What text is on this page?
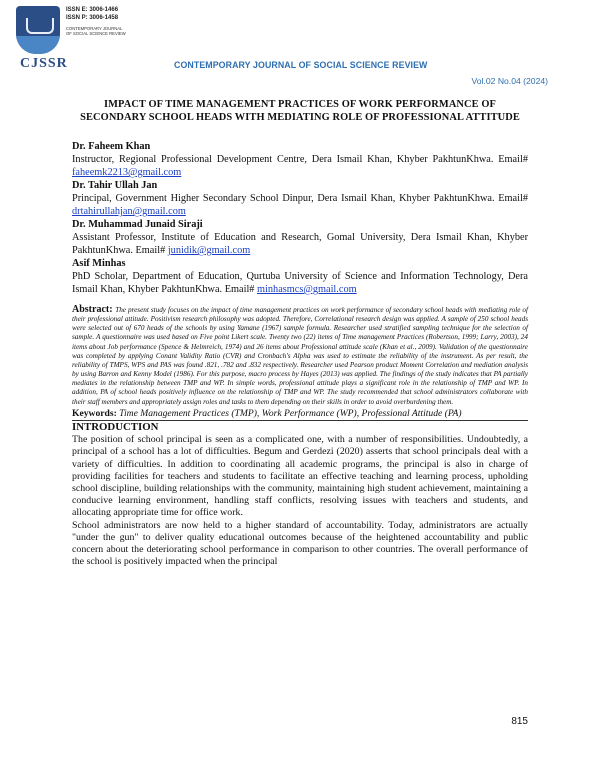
ISSN E: 3006-1466
ISSN P: 3006-1458
CONTEMPORARY JOURNAL OF SOCIAL SCIENCE REVIEW
CJSSR	CONTEMPORARY JOURNAL OF SOCIAL SCIENCE REVIEW
Vol.02 No.04 (2024)
IMPACT OF TIME MANAGEMENT PRACTICES OF WORK PERFORMANCE OF SECONDARY SCHOOL HEADS WITH MEDIATING ROLE OF PROFESSIONAL ATTITUDE
Dr. Faheem Khan
Instructor, Regional Professional Development Centre, Dera Ismail Khan, Khyber PakhtunKhwa. Email# faheemk2213@gmail.com
Dr. Tahir Ullah Jan
Principal, Government Higher Secondary School Dinpur, Dera Ismail Khan, Khyber PakhtunKhwa. Email# drtahirullahjan@gmail.com
Dr. Muhammad Junaid Siraji
Assistant Professor, Institute of Education and Research, Gomal University, Dera Ismail Khan, Khyber PakhtunKhwa. Email# junidik@gmail.com
Asif Minhas
PhD Scholar, Department of Education, Qurtuba University of Science and Information Technology, Dera Ismail Khan, Khyber PakhtunKhwa. Email# minhasmcs@gmail.com
Abstract: The present study focuses on the impact of time management practices on work performance of secondary school heads with mediating role of their professional attitude. Positivism research philosophy was adopted. Therefore, Correlational research design was applied. A sample of 250 school heads were selected out of 670 heads of the schools by using Yamane (1967) sample formula. Researcher used stratified sampling technique for the selection of sample. A questionnaire was used based on Five point Likert scale. Twenty two (22) items of Time management Practices (Robertson, 1999; Larry, 2003), 24 items about Job performance (Spence & Helmreich, 1974) and 26 items about Professional attitude scale (Khan et al., 2009). Validation of the questionnaire was completed by applying Conant Validity Ratio (CVR) and Cronbach's Alpha was used to estimate the reliability of the instrument. As per result, the reliability of TMPS, WPS and PAS was found .821, .782 and .832 respectively. Researcher used Pearson product Moment Correlation and mediation analysis by using Barron and Kenny Model (1986). For this purpose, macro process by Hayes (2013) was applied. The findings of the study indicates that PA partially mediates in the relationship between TMP and WP. In simple words, professional attitude plays a significant role in the relationship of TMP and WP. In addition, PA of school heads positively influence on the relationship of TMP and WP. The study recommended that school administrators collaborate with their staff members and appropriately assign roles and tasks to them depending on their skills in order to avoid overburdening them.
Keywords: Time Management Practices (TMP), Work Performance (WP), Professional Attitude (PA)
INTRODUCTION
The position of school principal is seen as a complicated one, with a number of responsibilities. Undoubtedly, a principal of a school has a lot of difficulties. Begum and Gerdezi (2020) asserts that school principals deal with a variety of difficulties. In addition to coordinating all academic programs, the principal is also in charge of providing facilities for teachers and students to facilitate an effective teaching and learning process, upholding school discipline, building relationships with the community, maintaining high student achievement, maintaining a conducive learning environment, handling staff conflicts, resolving issues with teachers and students, and allocating appropriate time for office work.
School administrators are now held to a higher standard of accountability. Today, administrators are actually "under the gun" to deliver quality educational outcomes because of the heightened accountability and public concern about the deteriorating school performance in comparison to other countries. The overall performance of the school is positively impacted when the principal
815
